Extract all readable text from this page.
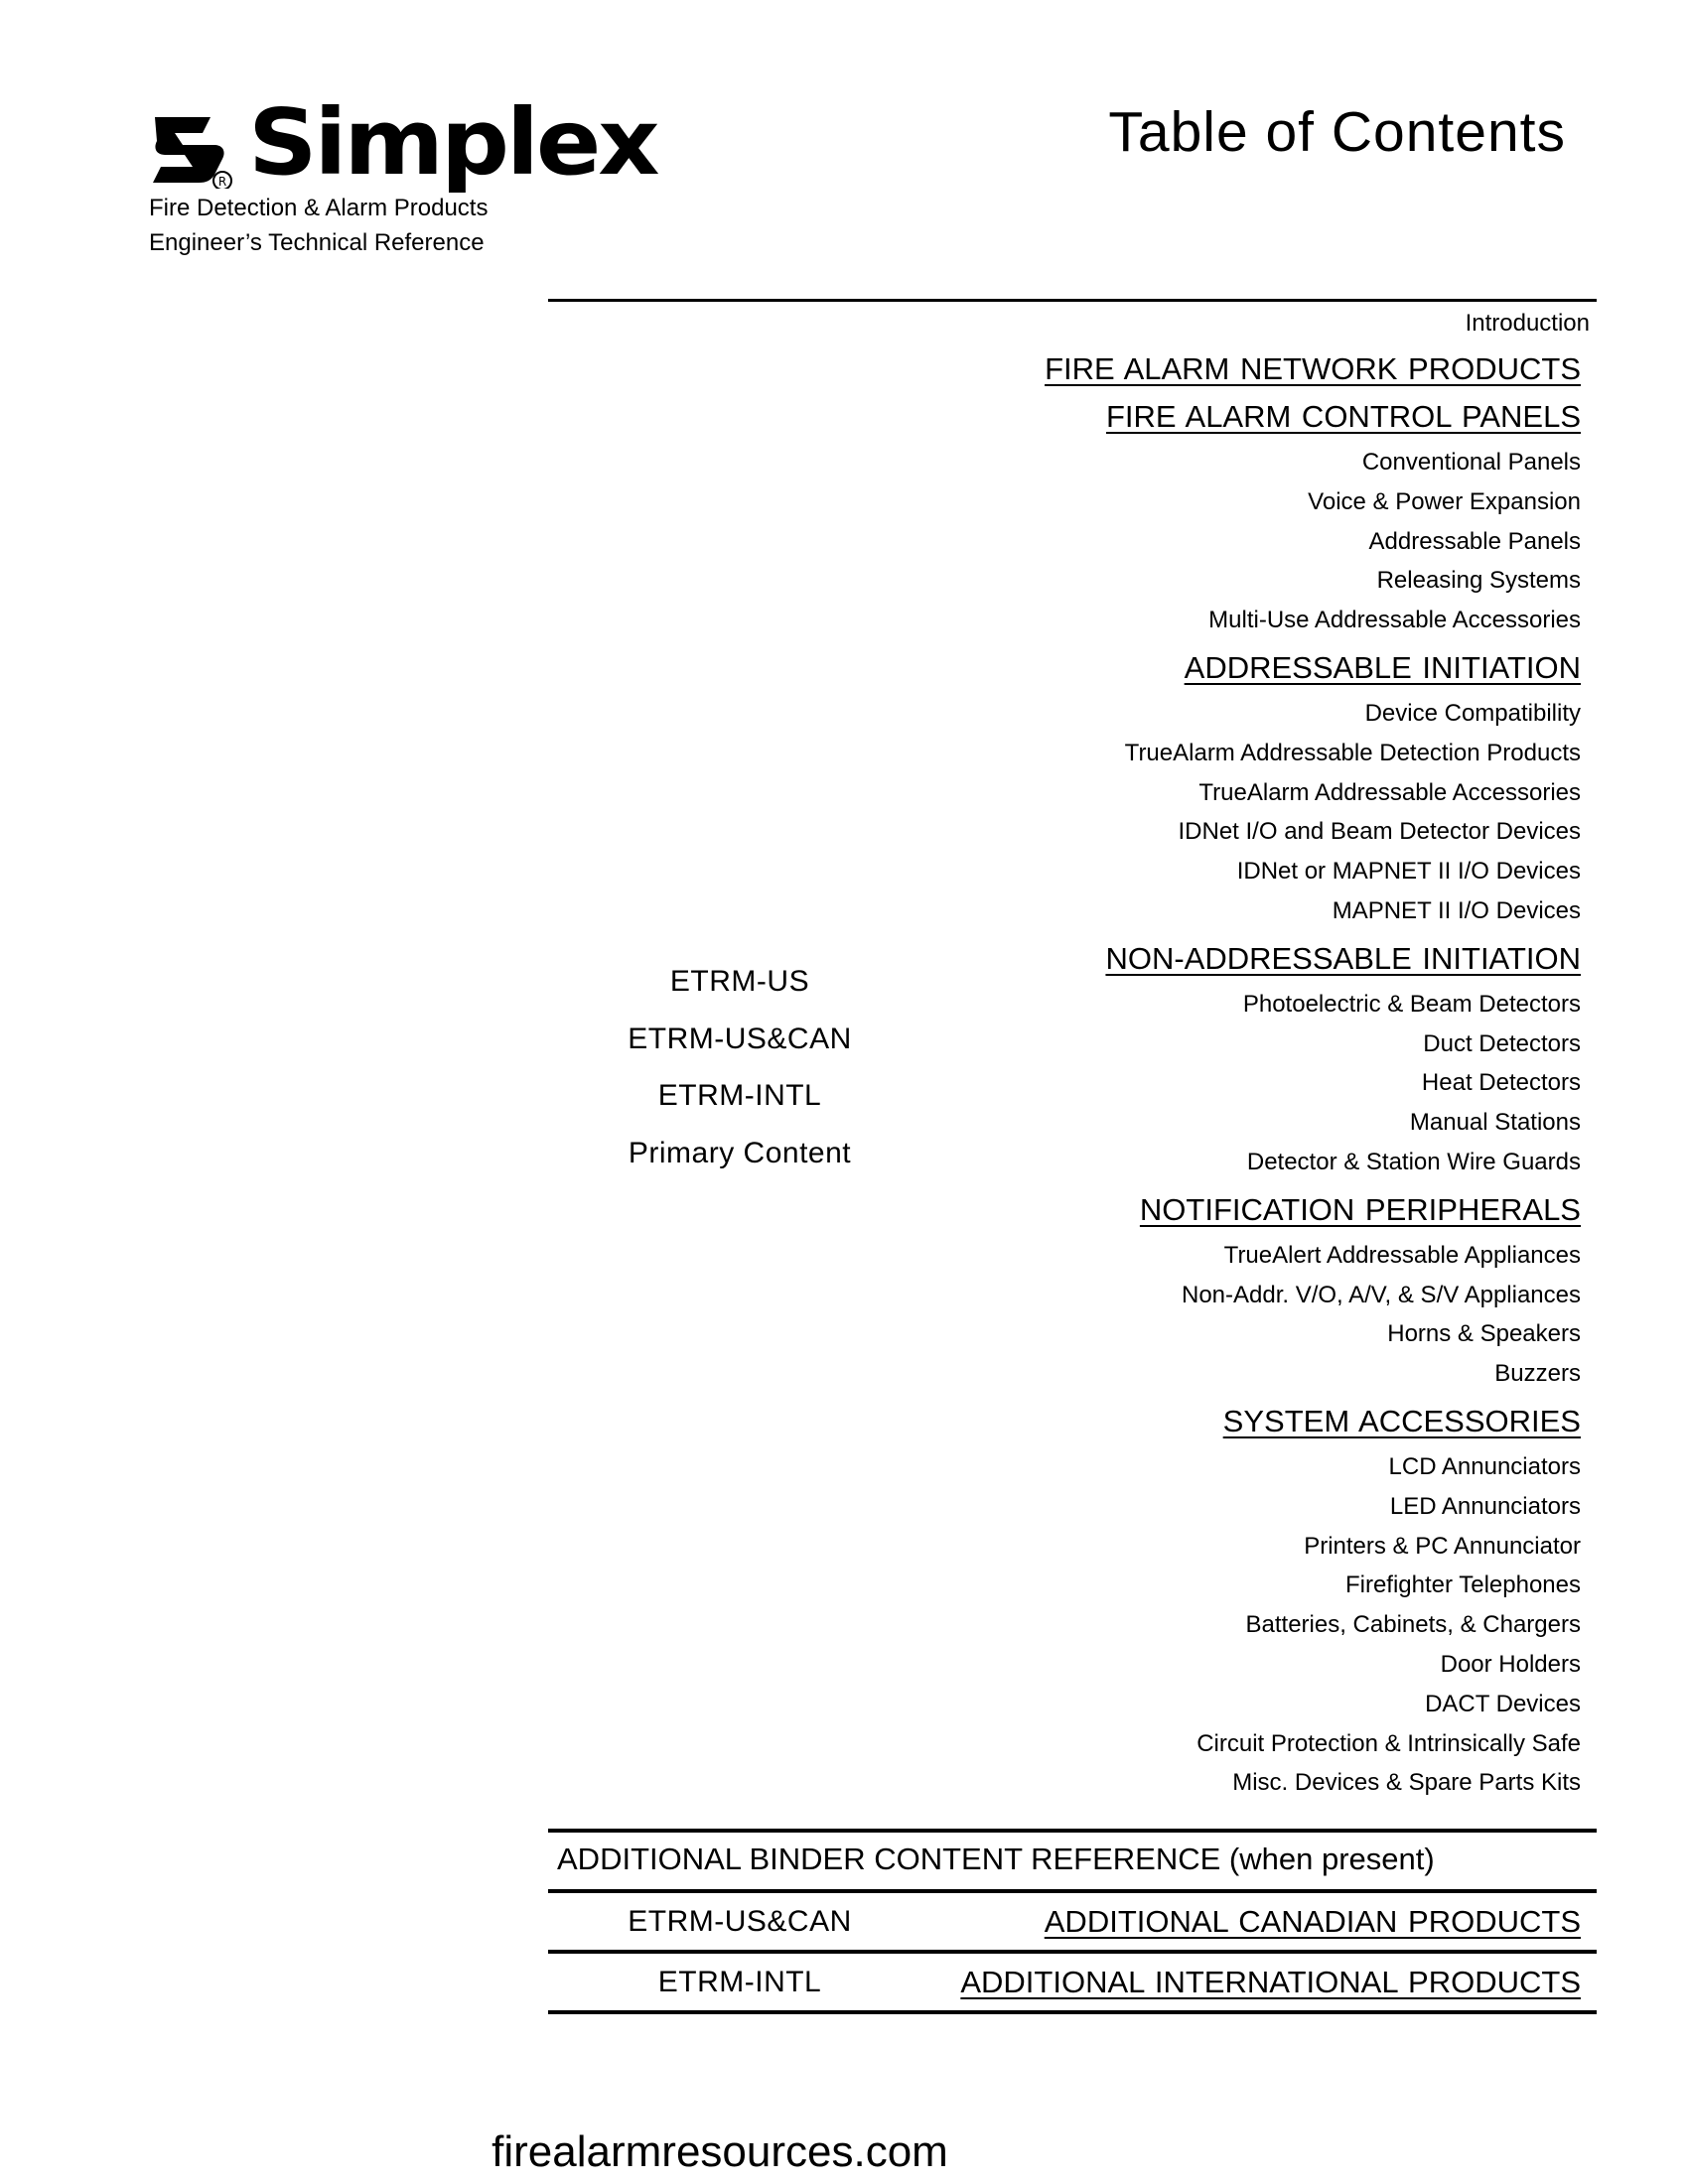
R Simplex
Fire Detection & Alarm Products
Engineer’s Technical Reference
Table of Contents
Introduction
FIRE ALARM NETWORK PRODUCTS
FIRE ALARM CONTROL PANELS
Conventional Panels
Voice & Power Expansion
Addressable Panels
Releasing Systems
Multi-Use Addressable Accessories
ADDRESSABLE INITIATION
Device Compatibility
TrueAlarm Addressable Detection Products
TrueAlarm Addressable Accessories
IDNet I/O and Beam Detector Devices
IDNet or MAPNET II I/O Devices
MAPNET II I/O Devices
NON-ADDRESSABLE INITIATION
Photoelectric & Beam Detectors
Duct Detectors
Heat Detectors
Manual Stations
Detector & Station Wire Guards
NOTIFICATION PERIPHERALS
TrueAlert Addressable Appliances
Non-Addr. V/O, A/V, & S/V Appliances
Horns & Speakers
Buzzers
SYSTEM ACCESSORIES
LCD Annunciators
LED Annunciators
Printers & PC Annunciator
Firefighter Telephones
Batteries, Cabinets, & Chargers
Door Holders
DACT Devices
Circuit Protection & Intrinsically Safe
Misc. Devices & Spare Parts Kits
ETRM-US
ETRM-US&CAN
ETRM-INTL
Primary Content
ADDITIONAL BINDER CONTENT REFERENCE (when present)
ETRM-US&CAN	ADDITIONAL CANADIAN PRODUCTS
ETRM-INTL	ADDITIONAL INTERNATIONAL PRODUCTS
firealarmresources.com
